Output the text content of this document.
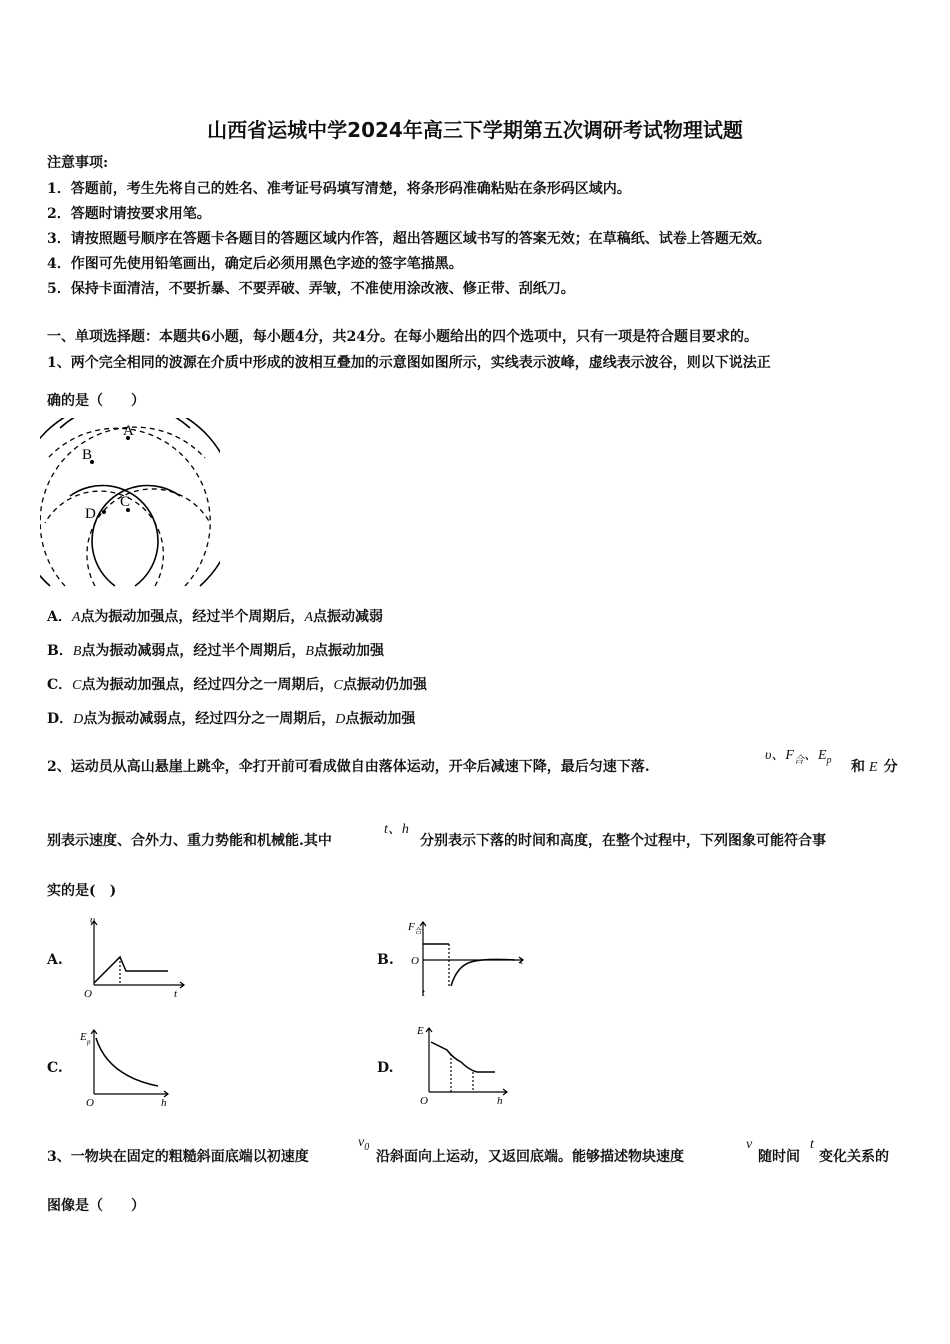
山西省运城中学2024年高三下学期第五次调研考试物理试题
注意事项:
1．答题前，考生先将自己的姓名、准考证号码填写清楚，将条形码准确粘贴在条形码区域内。
2．答题时请按要求用笔。
3．请按照题号顺序在答题卡各题目的答题区域内作答，超出答题区域书写的答案无效；在草稿纸、试卷上答题无效。
4．作图可先使用铅笔画出，确定后必须用黑色字迹的签字笔描黑。
5．保持卡面清洁，不要折暴、不要弄破、弄皱，不准使用涂改液、修正带、刮纸刀。
一、单项选择题：本题共6小题，每小题4分，共24分。在每小题给出的四个选项中，只有一项是符合题目要求的。
1、两个完全相同的波源在介质中形成的波相互叠加的示意图如图所示，实线表示波峰，虚线表示波谷，则以下说法正
确的是（　　）
A
B
C
D
A．A点为振动加强点，经过半个周期后，A点振动减弱
B．B点为振动减弱点，经过半个周期后，B点振动加强
C．C点为振动加强点，经过四分之一周期后，C点振动仍加强
D．D点为振动减弱点，经过四分之一周期后，D点振动加强
2、运动员从高山悬崖上跳伞，伞打开前可看成做自由落体运动，开伞后减速下降，最后匀速下落.
υ、$F_合$、$E_p$ 和 E 分
别表示速度、合外力、重力势能和机械能.其中
t、h
分别表示下落的时间和高度，在整个过程中，下列图象可能符合事
实的是(　)
A.	B.
C.	D.
υ
O	t
F 合
O	t
t
E p
O	h
E
O	h
3、一物块在固定的粗糙斜面底端以初速度
$v_0$
沿斜面向上运动，又返回底端。能够描述物块速度
v
随时间
t
变化关系的
图像是（　　）
